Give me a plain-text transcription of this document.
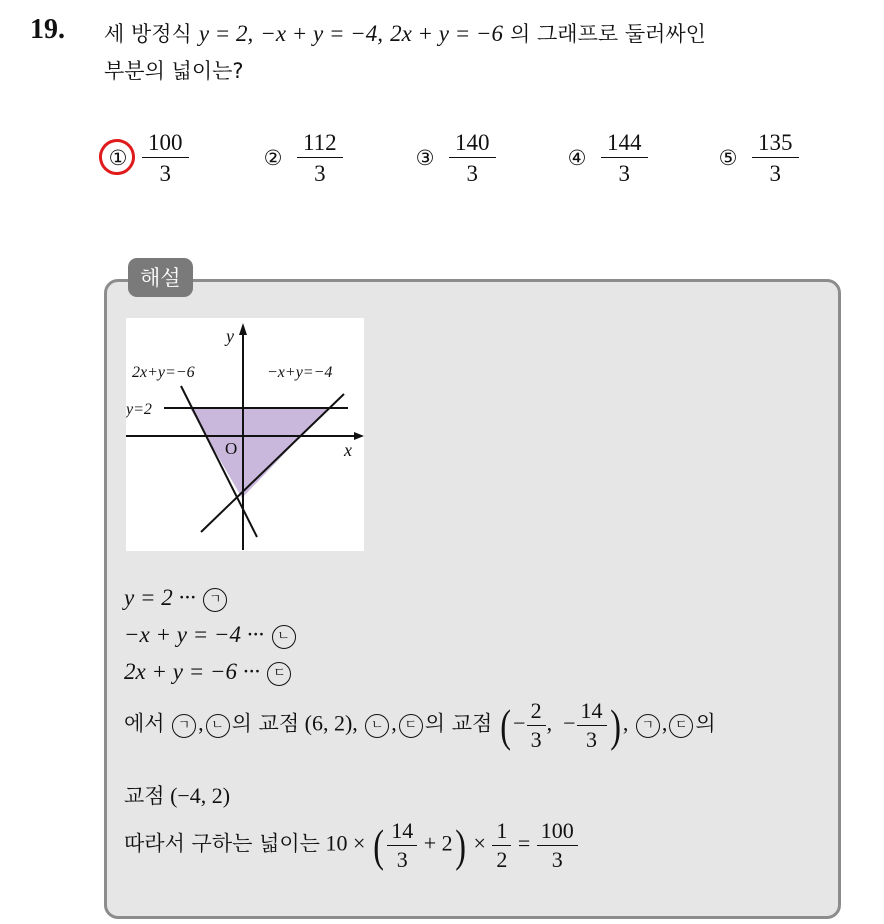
19. 세 방정식 y = 2, −x + y = −4, 2x + y = −6 의 그래프로 둘러싸인
부분의 넓이는?
① $\frac{100}{3}$	② $\frac{112}{3}$	③ $\frac{140}{3}$	④ $\frac{144}{3}$	⑤ $\frac{135}{3}$
해설
y
x
O
2x+y=−6	−x+y=−4
y=2
y = 2 ··· ㄱ
−x + y = −4 ··· ㄴ
2x + y = −6 ··· ㄷ
에서 ㄱ , ㄴ 의 교점 (6, 2), ㄴ , ㄷ 의 교점 ( − $\frac{2}{3}$ ,  − $\frac{14}{3}$ ) , ㄱ , ㄷ 의
교점 (−4, 2)
따라서 구하는 넓이는 10 × ( $\frac{14}{3} + 2) \times \frac{1}{2} = \frac{100}{3}$
